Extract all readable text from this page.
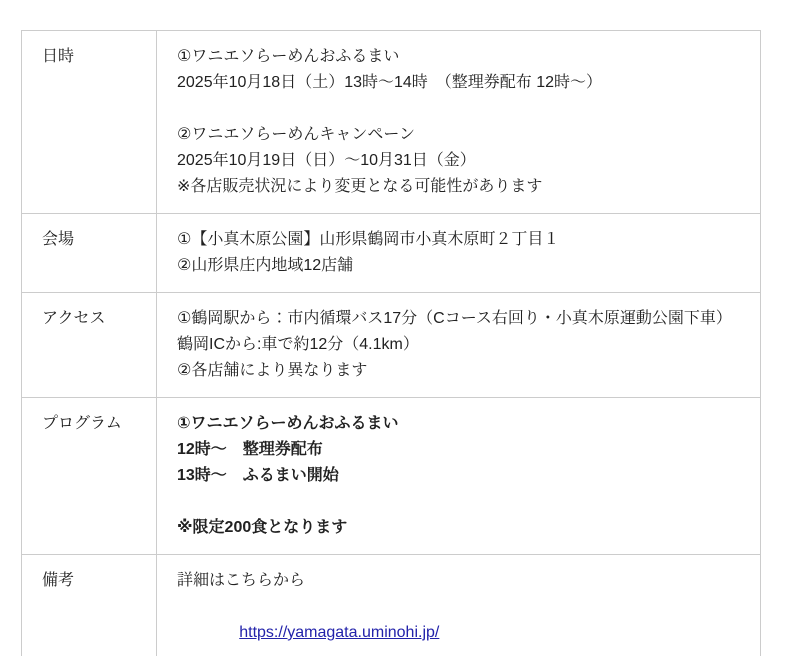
日時	①ワニエソらーめんおふるまい
2025年10月18日（土）13時〜14時　（整理券配布 12時〜）
②ワニエソらーめんキャンペーン
2025年10月19日（日）〜10月31日（金）
※各店販売状況により変更となる可能性があります

会場	①【小真木原公園】山形県鶴岡市小真木原町２丁目１
②山形県庄内地域12店舗

アクセス	①鶴岡駅から：市内循環バス17分（Cコース右回り・小真木原運動公園下車）
鶴岡ICから:車で約12分（4.1km）
②各店舗により異なります

プログラム	①ワニエソらーめんおふるまい
12時〜　整理券配布
13時〜　ふるまい開始
※限定200食となります

備考	詳細はこちらから

https://yamagata.uminohi.jp/
